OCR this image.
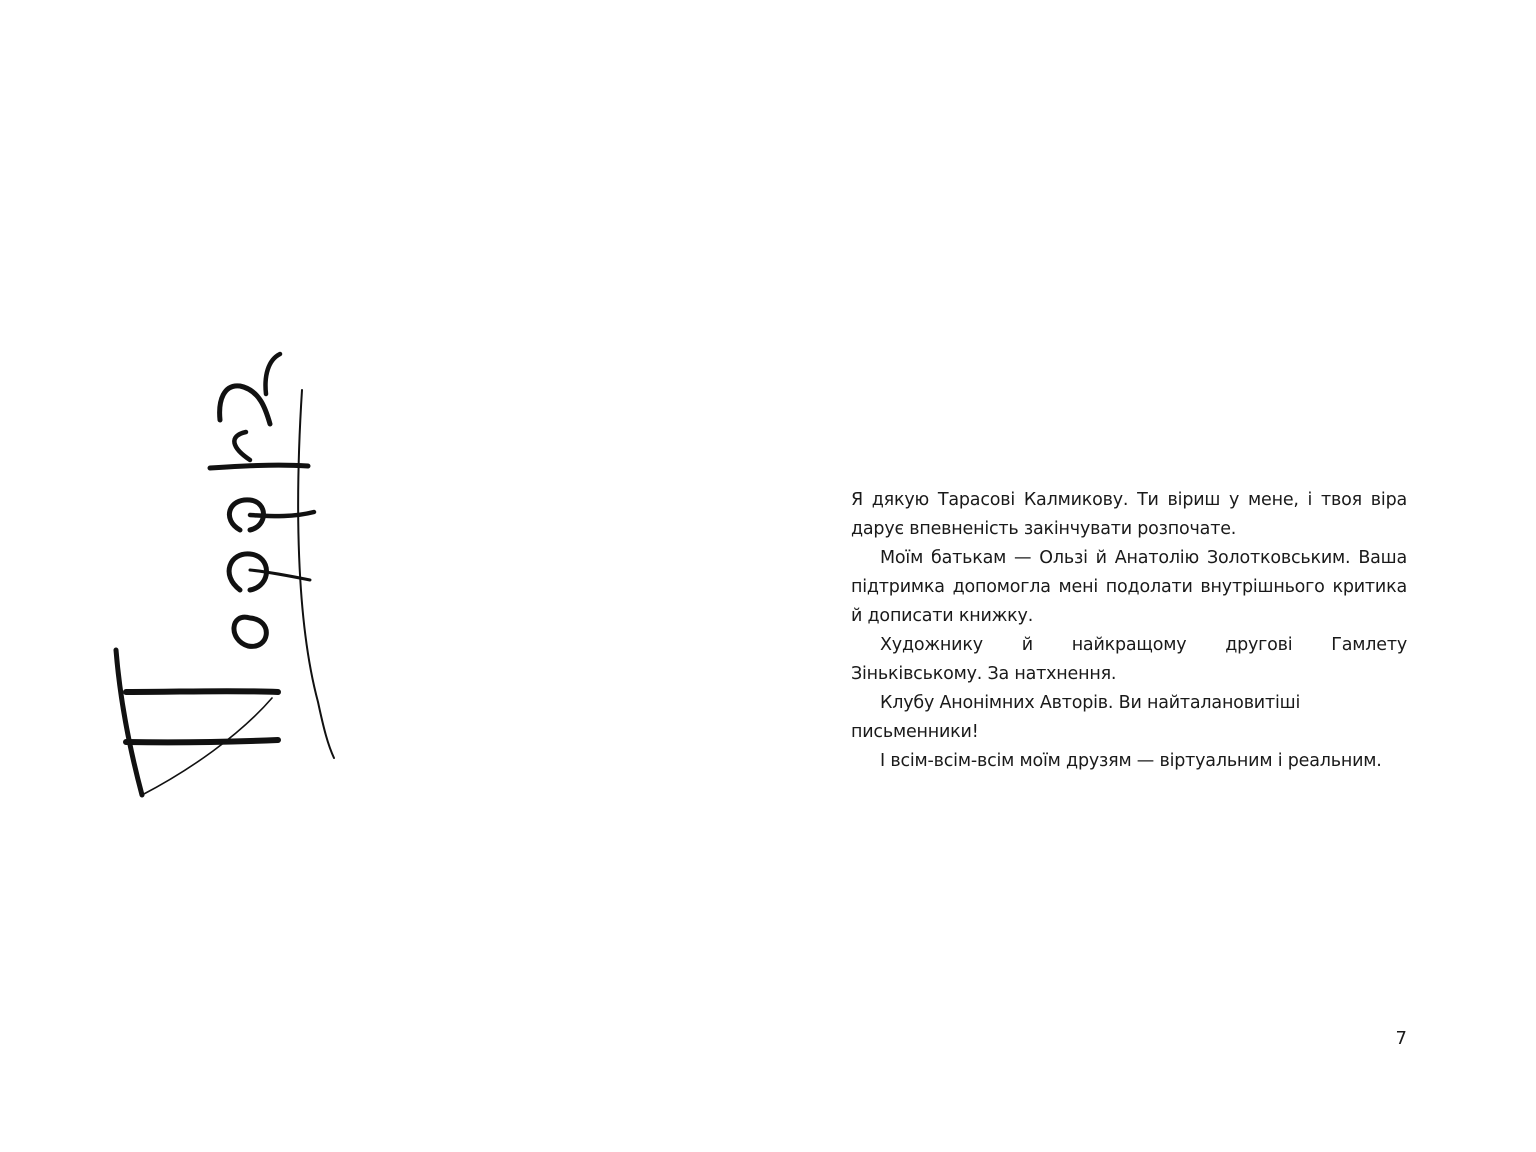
Я дякую Тарасові Калмикову. Ти віриш у мене, і твоя віра дарує впевненість закінчувати розпочате.

Моїм батькам — Ользі й Анатолію Золотковським. Ваша підтримка допомогла мені подолати внутрішнього критика й дописати книжку.

Художнику й найкращому другові Гамлету Зіньківському. За натхнення.

Клубу Анонімних Авторів. Ви найталановитіші письменники!

І всім-всім-всім моїм друзям — віртуальним і реальним.

7
